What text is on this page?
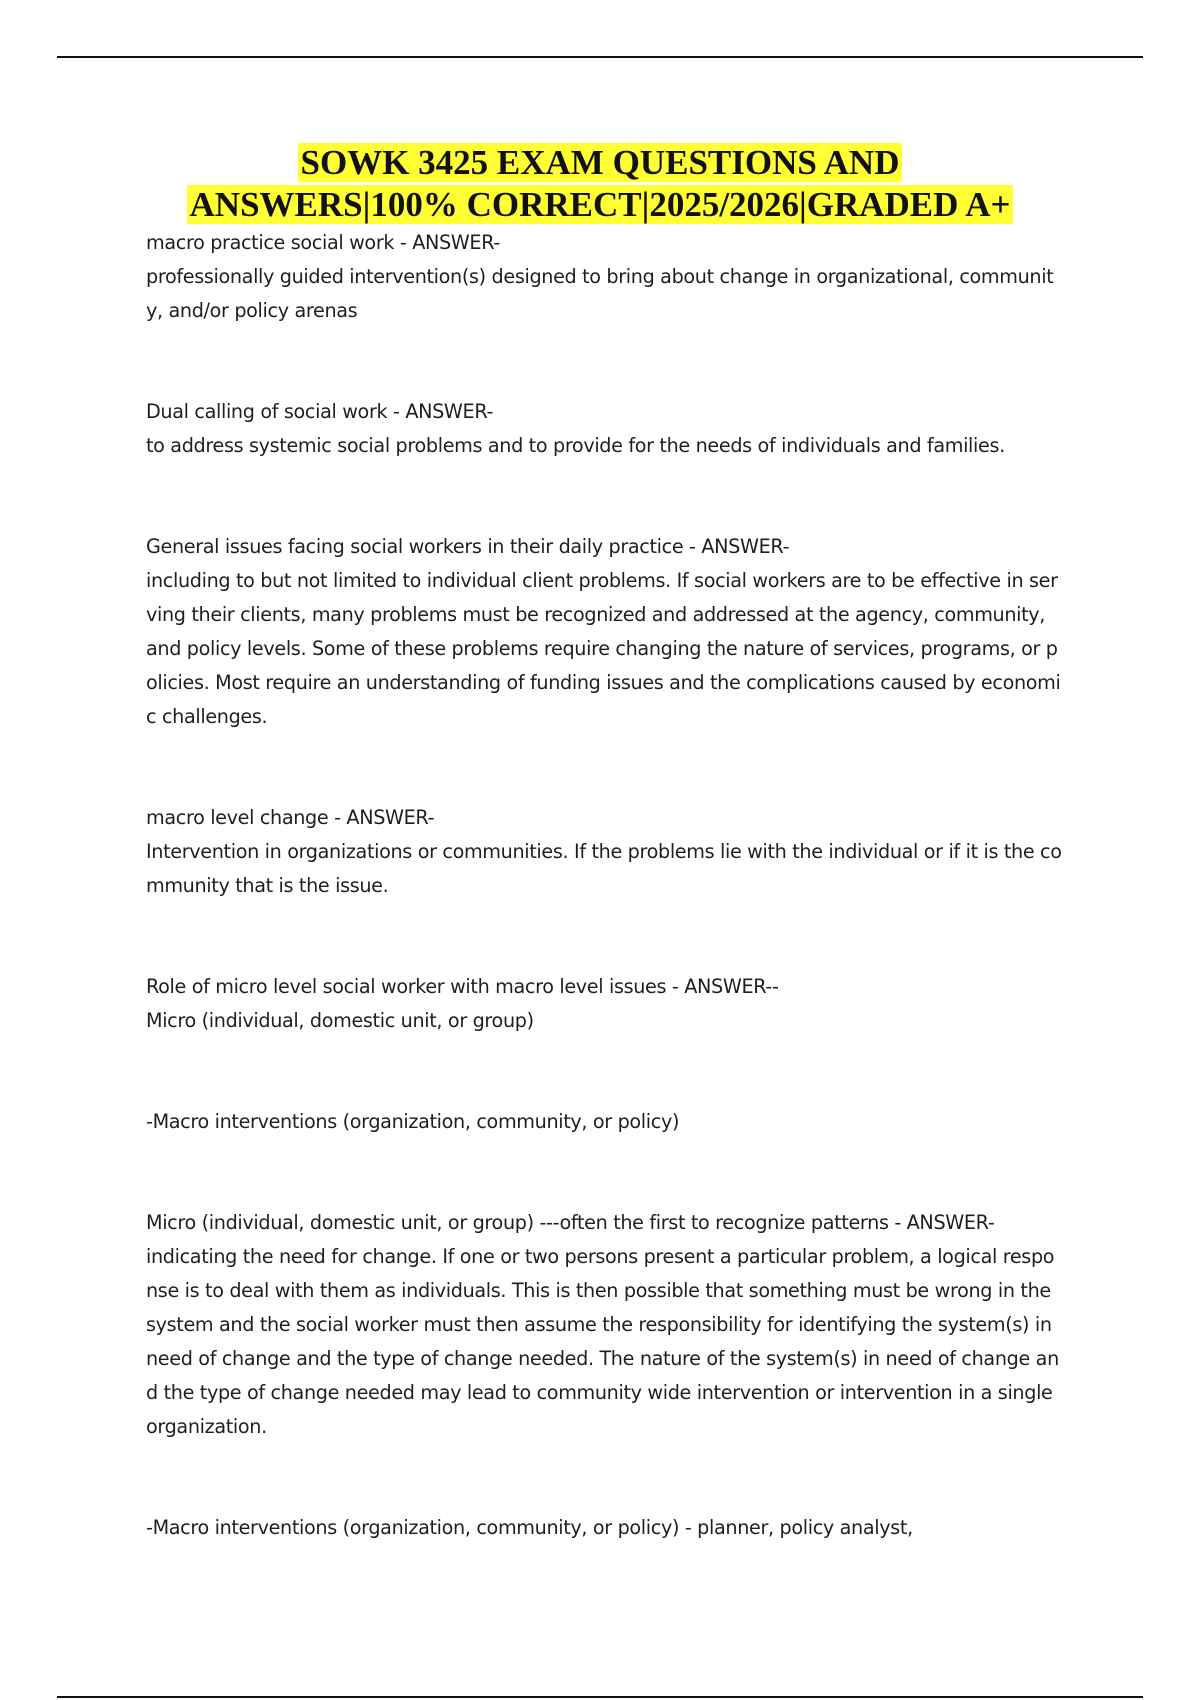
SOWK 3425 EXAM QUESTIONS AND
ANSWERS|100% CORRECT|2025/2026|GRADED A+

macro practice social work - ANSWER-

professionally guided intervention(s) designed to bring about change in organizational, community, and/or policy arenas

Dual calling of social work - ANSWER-

to address systemic social problems and to provide for the needs of individuals and families.

General issues facing social workers in their daily practice - ANSWER-

including to but not limited to individual client problems. If social workers are to be effective in serving their clients, many problems must be recognized and addressed at the agency, community, and policy levels. Some of these problems require changing the nature of services, programs, or policies. Most require an understanding of funding issues and the complications caused by economic challenges.

macro level change - ANSWER-

Intervention in organizations or communities. If the problems lie with the individual or if it is the community that is the issue.

Role of micro level social worker with macro level issues - ANSWER--

Micro (individual, domestic unit, or group)

-Macro interventions (organization, community, or policy)

Micro (individual, domestic unit, or group) ---often the first to recognize patterns - ANSWER-

indicating the need for change. If one or two persons present a particular problem, a logical response is to deal with them as individuals. This is then possible that something must be wrong in the system and the social worker must then assume the responsibility for identifying the system(s) in need of change and the type of change needed. The nature of the system(s) in need of change and the type of change needed may lead to community wide intervention or intervention in a single organization.

-Macro interventions (organization, community, or policy) - planner, policy analyst,
